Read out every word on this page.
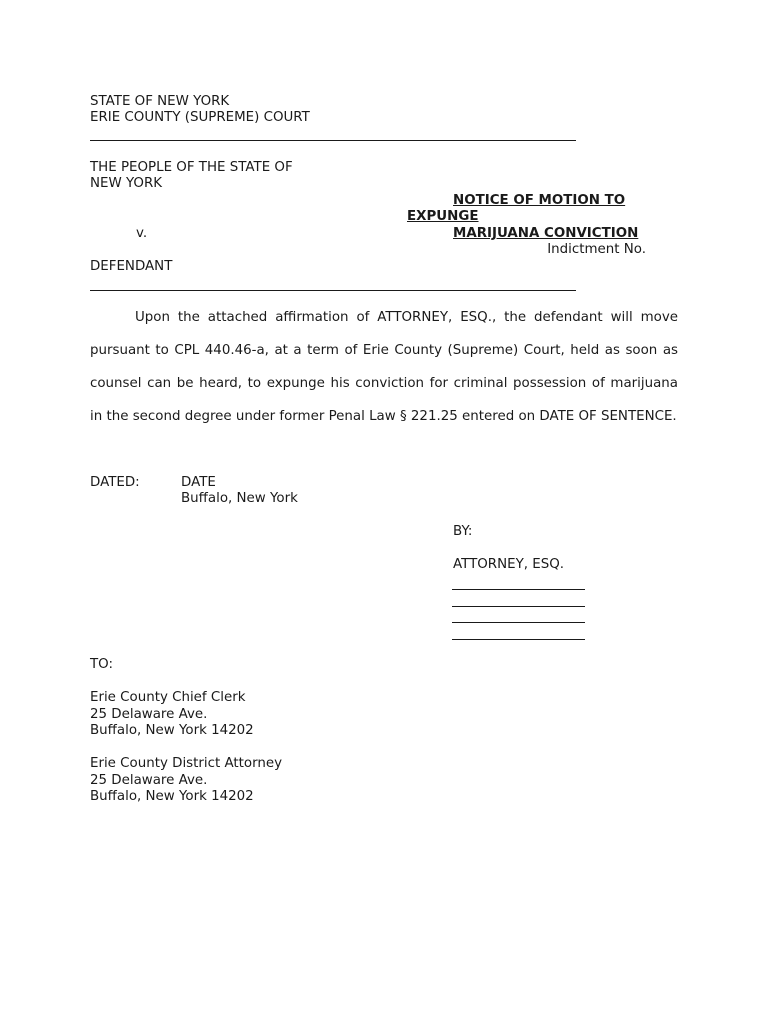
STATE OF NEW YORK
ERIE COUNTY (SUPREME) COURT
THE PEOPLE OF THE STATE OF
NEW YORK
NOTICE OF MOTION TO
EXPUNGE
v.	MARIJUANA CONVICTION
Indictment No.
DEFENDANT
Upon the attached affirmation of ATTORNEY, ESQ., the defendant will move pursuant to CPL 440.46-a, at a term of Erie County (Supreme) Court, held as soon as counsel can be heard, to expunge his conviction for criminal possession of marijuana in the second degree under former Penal Law § 221.25 entered on DATE OF SENTENCE.
DATED:	DATE
Buffalo, New York
BY:
ATTORNEY, ESQ.
TO:
Erie County Chief Clerk
25 Delaware Ave.
Buffalo, New York 14202
Erie County District Attorney
25 Delaware Ave.
Buffalo, New York 14202
